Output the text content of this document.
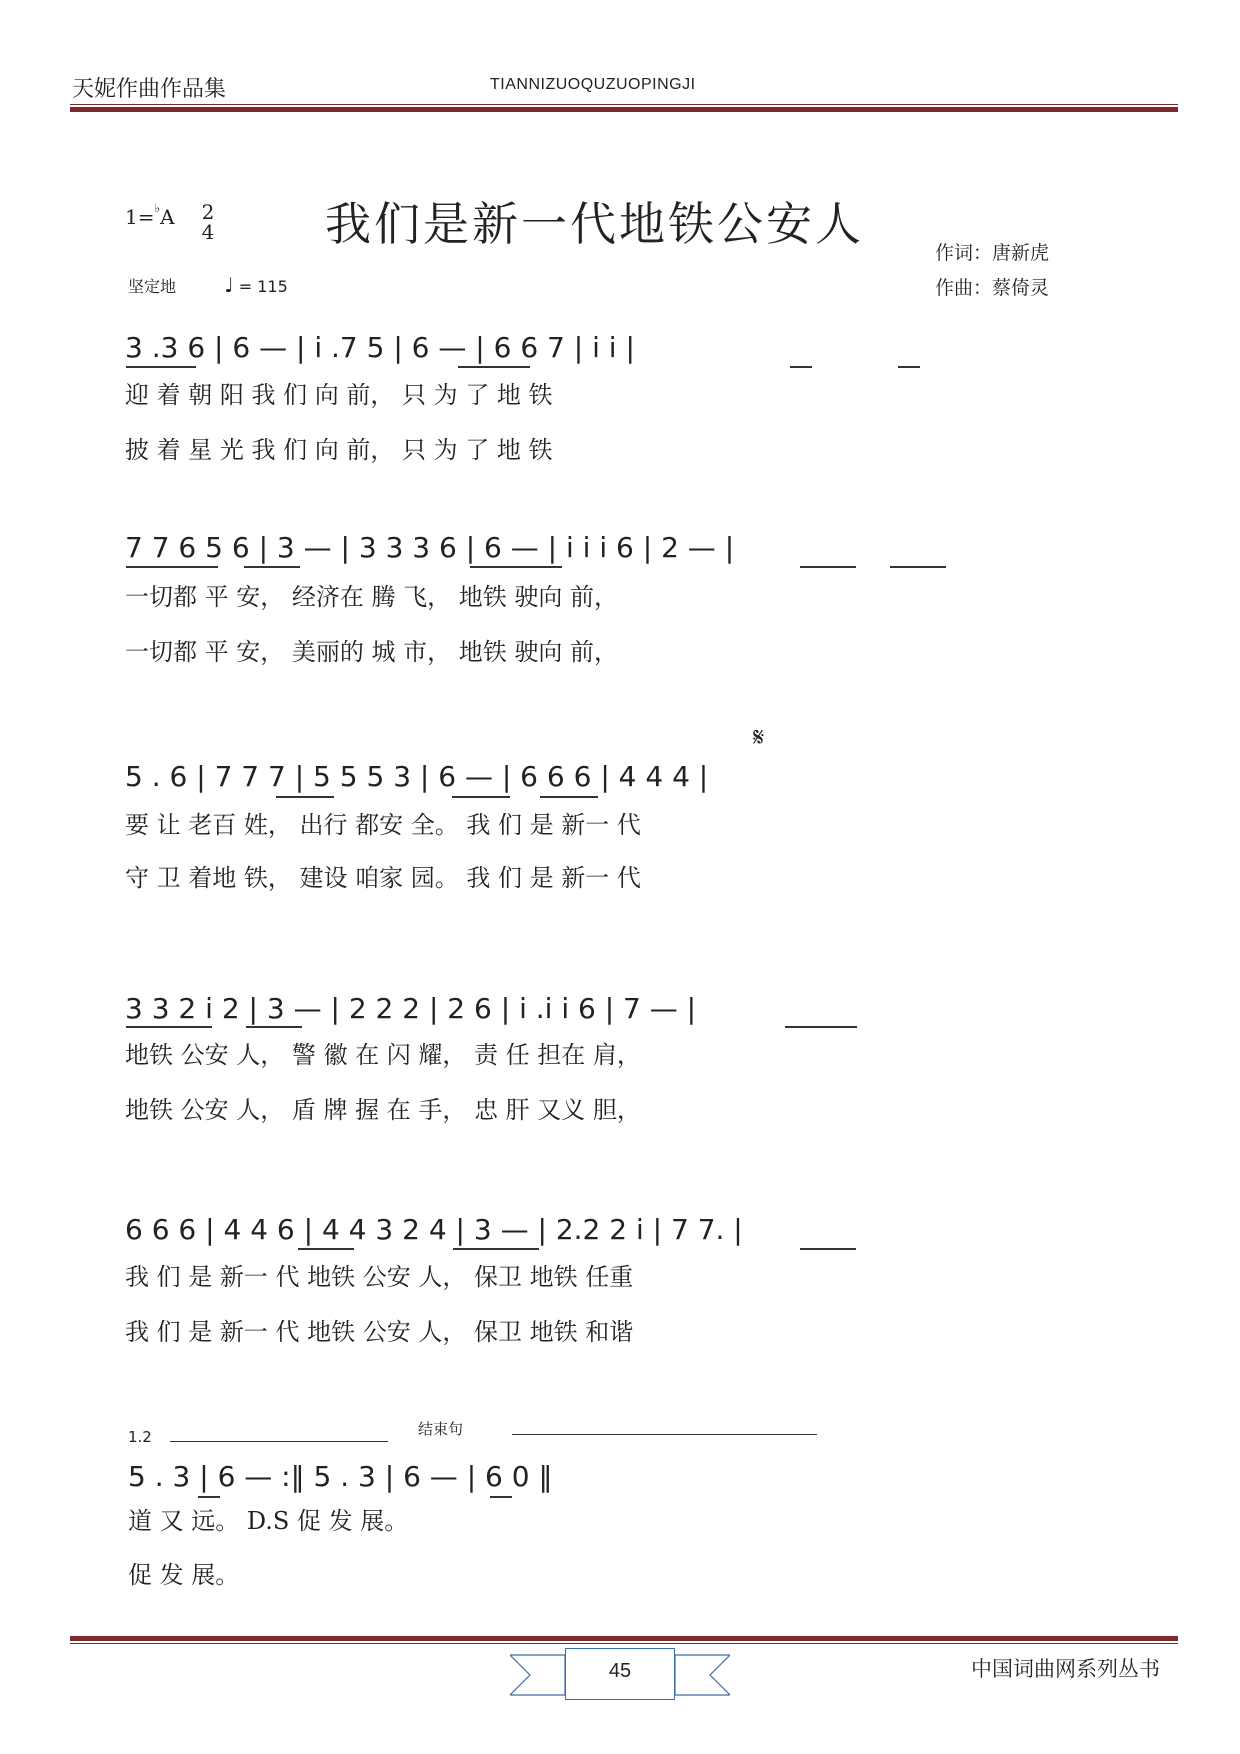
天妮作曲作品集	TIANNIZUOQUZUOPINGJI
我们是新一代地铁公安人
1=♭A 2
4
坚定地 ♩ = 115
作词：唐新虎
作曲：蔡倚灵
3 .3 6 | 6 — | i .7 5 | 6 — | 6 6 7 | i i |
迎 着 朝 阳 我 们 向 前， 只 为 了 地 铁
披 着 星 光 我 们 向 前， 只 为 了 地 铁
7 7 6 5 6 | 3 — | 3 3 3 6 | 6 — | i i i 6 | 2 — |
一切都 平 安， 经济在 腾 飞， 地铁 驶向 前，
一切都 平 安， 美丽的 城 市， 地铁 驶向 前，
𝄋
5 . 6 | 7 7 7 | 5 5 5 3 | 6 — | 6 6 6 | 4 4 4 |
要 让 老百 姓， 出行 都安 全。 我 们 是 新一 代
守 卫 着地 铁， 建设 咱家 园。 我 们 是 新一 代
3 3 2 i 2 | 3 — | 2 2 2 | 2 6 | i .i i 6 | 7 — |
地铁 公安 人， 警 徽 在 闪 耀， 责 任 担在 肩，
地铁 公安 人， 盾 牌 握 在 手， 忠 肝 又义 胆，
6 6 6 | 4 4 6 | 4 4 3 2 4 | 3 — | 2.2 2 i | 7 7. |
我 们 是 新一 代 地铁 公安 人， 保卫 地铁 任重
我 们 是 新一 代 地铁 公安 人， 保卫 地铁 和谐
1.2	结束句
5 . 3 | 6 — :‖ 5 . 3 | 6 — | 6 0 ‖
道 又 远。 D.S 促 发 展。
促 发 展。
中国词曲网系列丛书
45
